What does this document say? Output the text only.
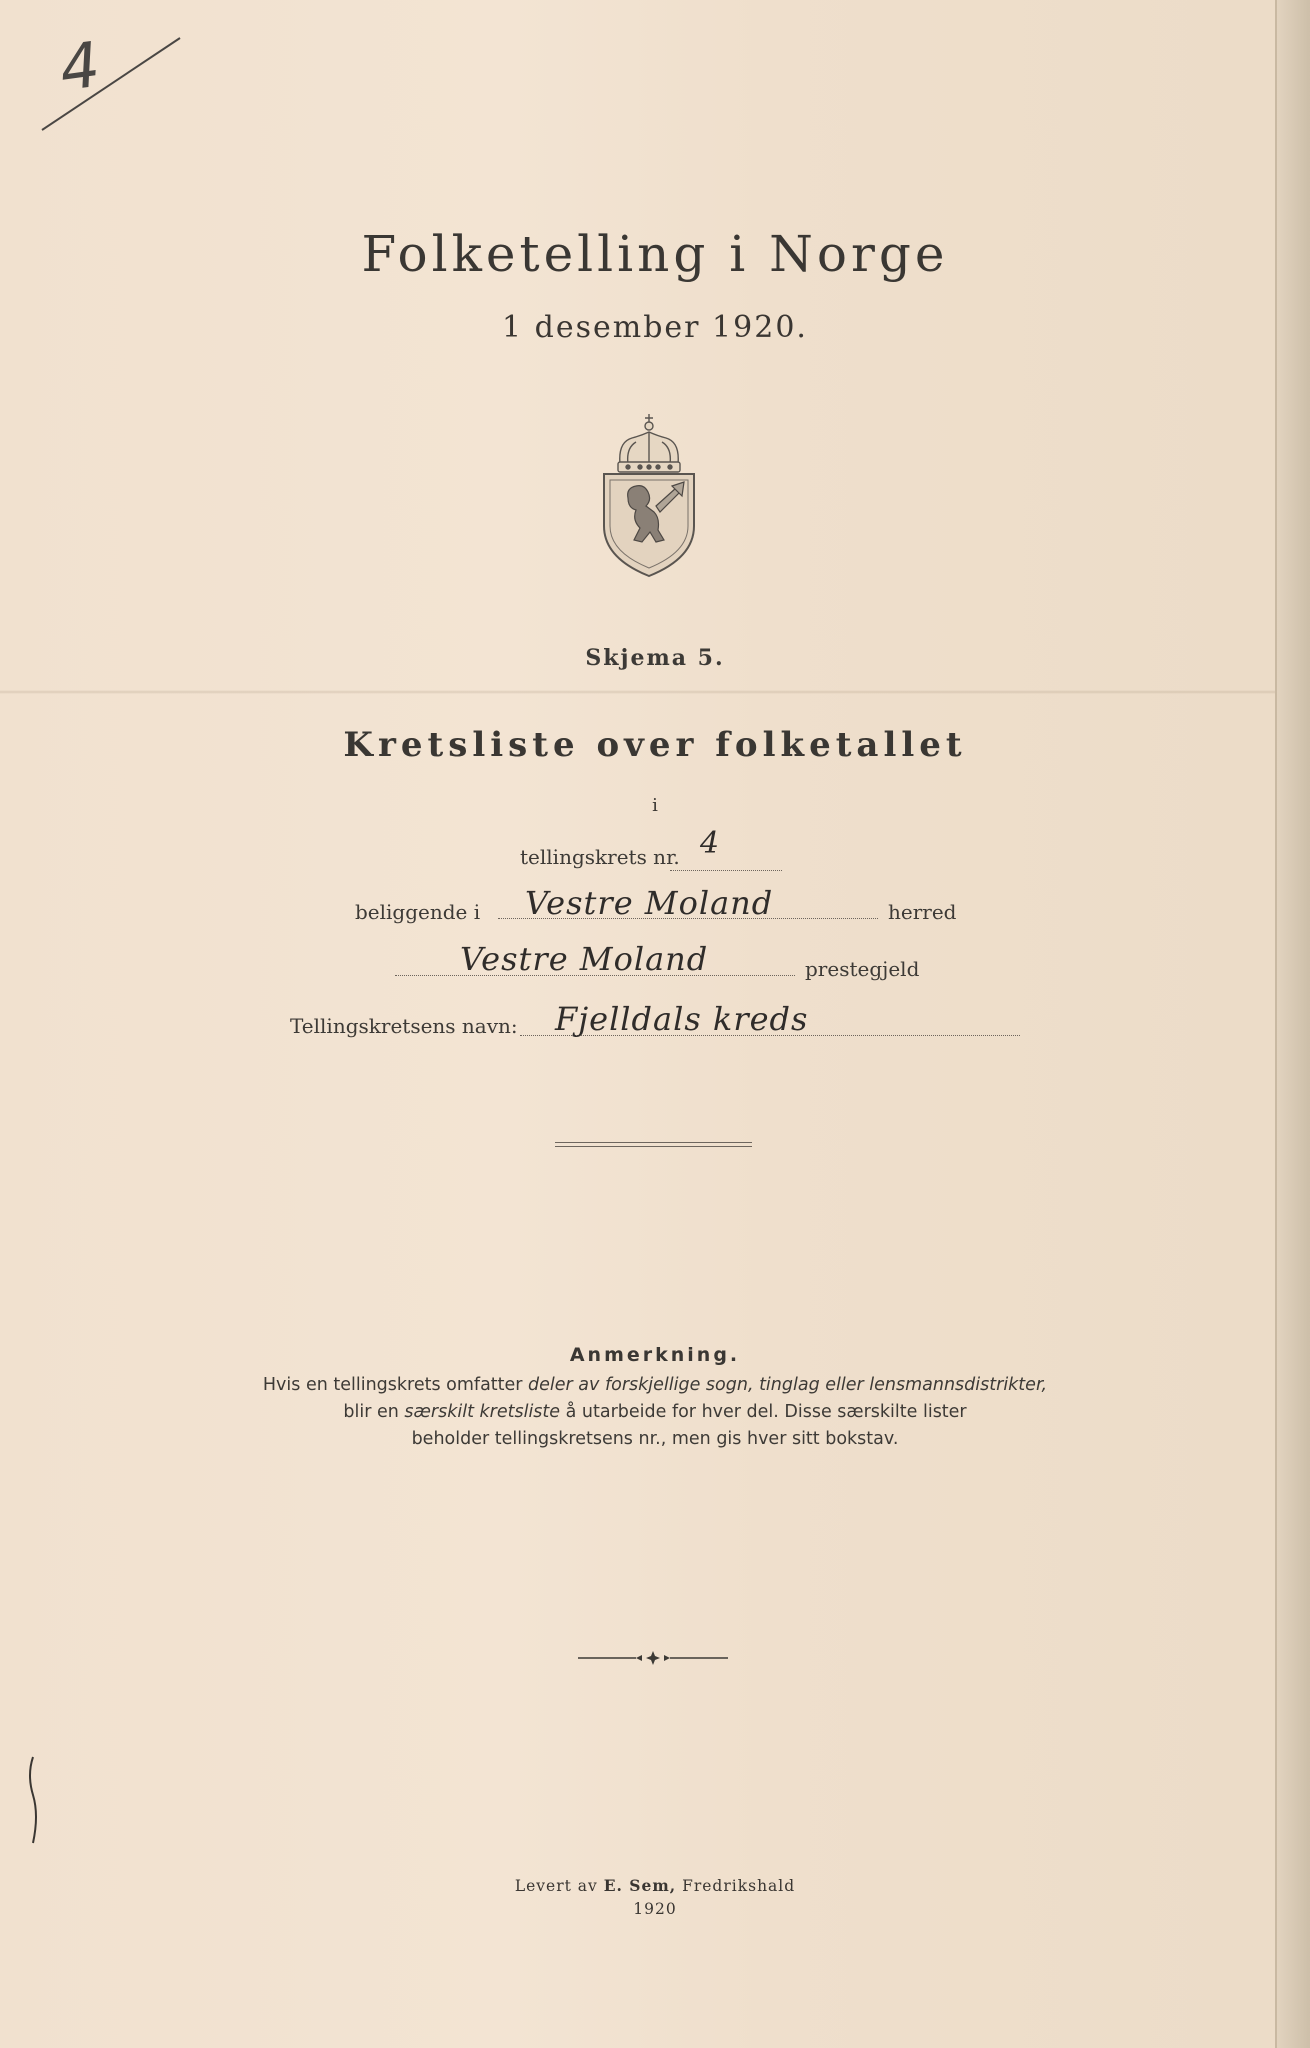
4
Folketelling i Norge
1 desember 1920.
Skjema 5.
Kretsliste over folketallet
i
tellingskrets nr. 4
beliggende i Vestre Moland	herred
Vestre Moland	prestegjeld
Tellingskretsens navn: Fjelldals kreds
Anmerkning.
Hvis en tellingskrets omfatter deler av forskjellige sogn, tinglag eller lensmannsdistrikter,
blir en særskilt kretsliste å utarbeide for hver del. Disse særskilte lister
beholder tellingskretsens nr., men gis hver sitt bokstav.
Levert av E. Sem, Fredrikshald
1920
